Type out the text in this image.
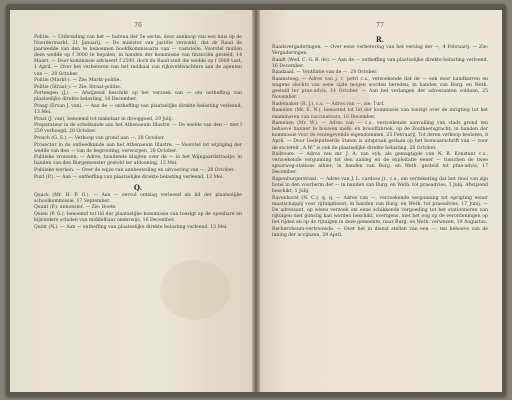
76

Politie. — Uitbreiding van het — bureau der 5e sectie, door aankoop van een huis op de Noordermarkt, 21 Januarij. — De minister van justitie verzoekt, dat de Raad de jaarwedde van den te benoemen hoofdkommissaris van — vaststelle. Voorstel mullen deze wedde op f 3000 te bepalen, in handen der kommissie van financiën gesteld, 14 Maart. — Door kommissie adviseert f 2500, doch de Raad stelt die wedde op f 3000 vast, 1 April. — Over het verbeteren van het radikaal van rijksveldwachters aan de agenten van —, 28 October.

Politie (Markt-). — Zie: Markt-politie.

Politie (Straat-). — Zie: Straat-politie.

Portengen (J.). — Afwijzend beschikt op het verzoek van — om ontheffing van plaatselijke direkte belasting, 16 December.

Praag (Ervan J. van). — Aan de — ontheffing van plaatselijke direkte belasting verleend, 13 Mei.

Praat (J. van), benoemd tot makelaar in drooggoed, 29 Julij.

Preparateur in de scheikunde aan het Athenaeum Illustre. — De wedde van den — met f 250 verhoogd, 28 October.

Prosch (G. S.). — Verkoop van grond aan —, 28 October.

Prosector in de ontleedkunde aan het Athenaeum Illustre. — Voorstel tot wijziging der wedde van den — van de begrooting, verworpen, 28 October.

Publieke vrouwen. — Adres, houdende klagten over de — in het Wijngaardstraatje; in handen van den Burgemeester gesteld ter afdoening, 13 Mei.

Publieke werken. — Over de wijze van aanbesteding en uitvoering van —, 28 October.

Puxt (P.). — Aan — ontheffing van plaatselijke direkte belasting verleend, 13 Mei.

Q.

Quack (Mr. H. P. G.). — Aan — eervol ontslag verleend als lid der plaatselijke schoolkommissie, 17 September.

Quant (P.). annonsier. — Zie: Boete.

Quien (P. G.), benoemd tot lid der plaatselijke kommissie van toezigt op de openbare en bijzondere scholen van middelbaar onderwijs, 16 December.

Quint (N.). — Aan — ontheffing van plaatselijke direkte belasting verleend, 13 Mei.

77
R.

Raadsvergaderingen. — Over eene verbetering van het verslag der —, 4 Februarij. — Zie: Vergaderingen.

Raadt (Wed. C. G. B. de). — Aan de — ontheffing van plaatselijke direkte belasting verleend, 16 December.

Raadzaal. — Ventilatie van de —, 28 October.

Raamsteeg. — Adres van j. c. petri c.s., verzoekende dat de — ook door handkarren en wagens slechts van eene zijde mogen worden bereden; in handen van Burg. en Weth. gesteld ter prae-advis, 14 October. — Aan het verlangen der adressanten voldaan, 25 November.

Rademaker (R. J.), c.s. — Adres van —, zie: Turf.

Ramelen (Mr. E. N.), benoemd tot lid der kommissie van toezigt over de inrigting tot het examineren van vaccinateurs, 16 December.

Rameuen (Mr. W.). — Adres van — c.s., verzoekende aanvulling van stads grond ten behoeve hunner te bouwen melk- en broodfabriek, op de Zoutkeetsgracht; in handen der kommissie voor de rentegevende eigendommen, 25 Februarij. Tot deren verkoop besloten, 8 April. — Door Gedeputeerde Staten is uitspraak gedaan op het bezwaarschrift van — voor de societeit „A.W.” is ook de plaatselijke direkte belasting, 28 October.

Railroute. — Adres van mr. J. A. van eyk, als gemagtigde van N. R. Konstant c.s., verzoekende vergunning tot den aanleg en de exploitatie eener — tusschen de twee spoorweg-stations alhier; in handen van Burg. en Weth. gesteld tot prae-advis, 17 December.

Rapenburgerstraat. — Adres van J. L. cardoso jr., c.s., om verzekering dat het riool van zijn hotel in den voorberm der — in handen van Burg. en Weth. tot praeadvies, 3 Julij. Afwijzend beschikt, 1 Julij.

Ravenhorst (N. C.), q. q. — Adres van —, verzoekende vergunning tot oprigting eener maatschappij voor rijtuigdienst; in handen van Burg. en Weth. tot praeadvies, 17 Junij. — De adressant, op wiens verzoek om eene schikkende vergoeding tot het stationneren van rijtuigen met gunstig kan worden beschikt, overigens, met het oog op de verordeningen op het rijden en op de rijtuigen in deze gemeente, naar Burg. en Weth. verwezen, 19 Augustus.

Rechercheurs-vertrouwde. — Over het in dienst stellen van een —, ten behoeve van de inning der accijnzen, 29 April.
